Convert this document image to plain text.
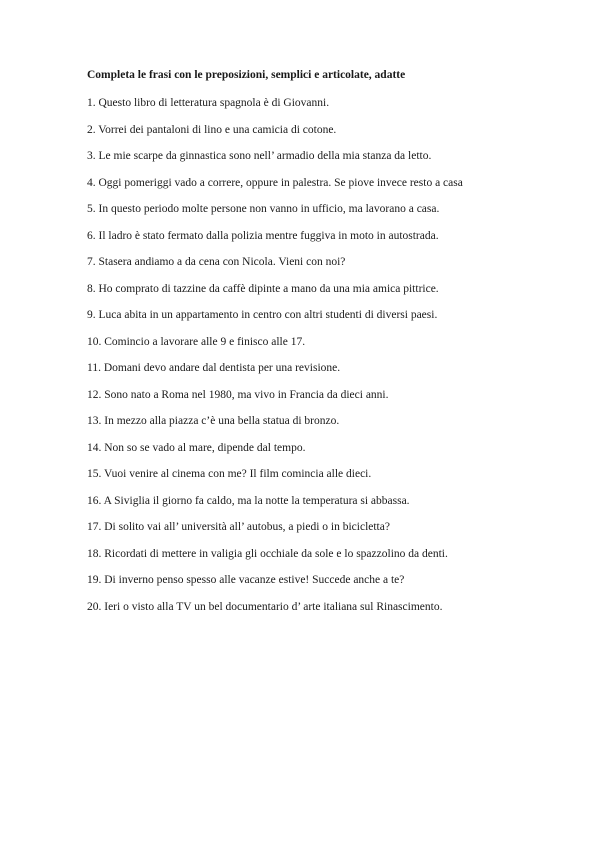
Completa le frasi con le preposizioni, semplici e articolate, adatte
1. Questo libro di letteratura spagnola è di Giovanni.
2. Vorrei dei pantaloni di lino e una camicia di cotone.
3. Le mie scarpe da ginnastica sono nell’ armadio della mia stanza da letto.
4. Oggi pomeriggi vado a correre, oppure in palestra. Se piove invece resto a casa
5. In questo periodo molte persone non vanno in ufficio, ma lavorano a casa.
6. Il ladro è stato fermato dalla polizia mentre fuggiva in moto in autostrada.
7. Stasera andiamo a da cena con Nicola. Vieni con noi?
8. Ho comprato di tazzine da caffè dipinte a mano da una mia amica pittrice.
9. Luca abita in un appartamento in centro con altri studenti di diversi paesi.
10. Comincio a lavorare alle 9 e finisco alle 17.
11. Domani devo andare dal dentista per una revisione.
12. Sono nato a Roma nel 1980, ma vivo in Francia da dieci anni.
13. In mezzo alla piazza c’è una bella statua di bronzo.
14. Non so se vado al mare, dipende dal tempo.
15. Vuoi venire al cinema con me? Il film comincia alle dieci.
16. A Siviglia il giorno fa caldo, ma la notte la temperatura si abbassa.
17. Di solito vai all’ università all’ autobus, a piedi o in bicicletta?
18. Ricordati di mettere in valigia gli occhiale da sole e lo spazzolino da denti.
19. Di inverno penso spesso alle vacanze estive! Succede anche a te?
20. Ieri o visto alla TV un bel documentario d’ arte italiana sul Rinascimento.
